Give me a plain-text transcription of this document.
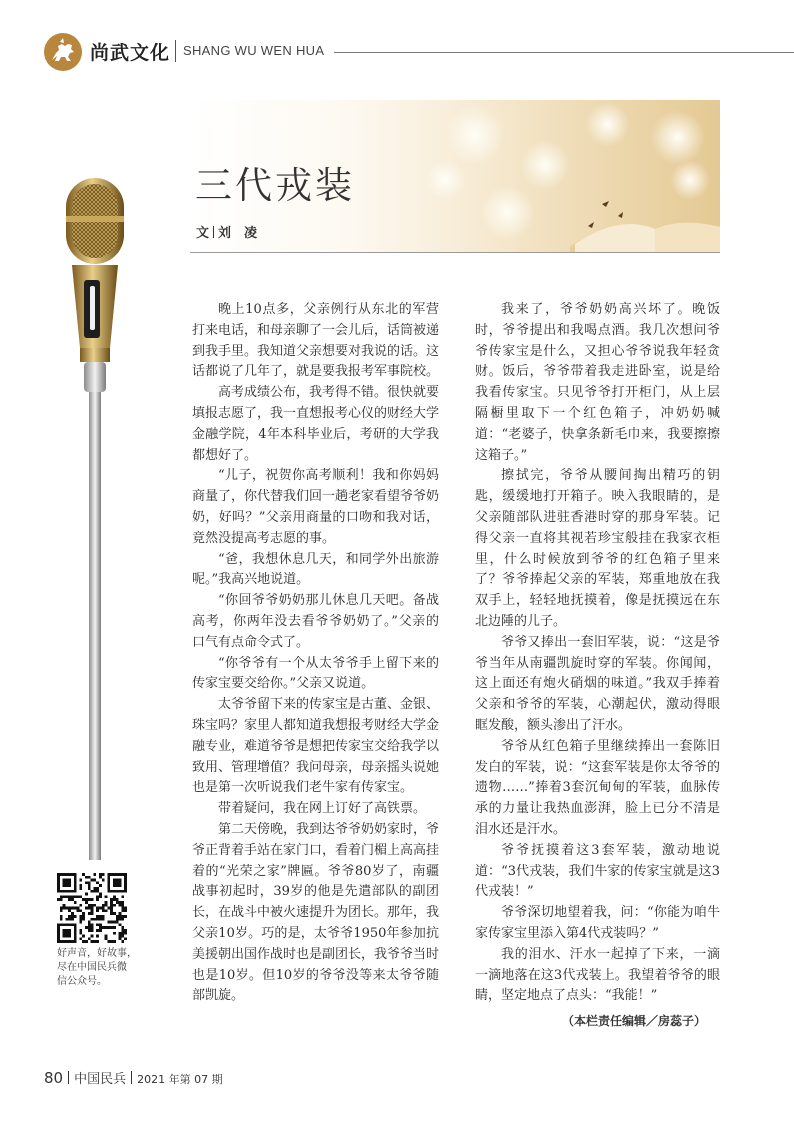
尚武文化 SHANG WU WEN HUA
三代戎装
文 刘　凌

晚上10点多，父亲例行从东北的军营打来电话，和母亲聊了一会儿后，话筒被递到我手里。我知道父亲想要对我说的话。这话都说了几年了，就是要我报考军事院校。

高考成绩公布，我考得不错。很快就要填报志愿了，我一直想报考心仪的财经大学金融学院，4年本科毕业后，考研的大学我都想好了。

“儿子，祝贺你高考顺利！我和你妈妈商量了，你代替我们回一趟老家看望爷爷奶奶，好吗？”父亲用商量的口吻和我对话，竟然没提高考志愿的事。

“爸，我想休息几天，和同学外出旅游呢。”我高兴地说道。

“你回爷爷奶奶那儿休息几天吧。备战高考，你两年没去看爷爷奶奶了。”父亲的口气有点命令式了。

“你爷爷有一个从太爷爷手上留下来的传家宝要交给你。”父亲又说道。

太爷爷留下来的传家宝是古董、金银、珠宝吗？家里人都知道我想报考财经大学金融专业，难道爷爷是想把传家宝交给我学以致用、管理增值？我问母亲，母亲摇头说她也是第一次听说我们老牛家有传家宝。

带着疑问，我在网上订好了高铁票。

第二天傍晚，我到达爷爷奶奶家时，爷爷正背着手站在家门口，看着门楣上高高挂着的“光荣之家”牌匾。爷爷80岁了，南疆战事初起时，39岁的他是先遣部队的副团长，在战斗中被火速提升为团长。那年，我父亲10岁。巧的是，太爷爷1950年参加抗美援朝出国作战时也是副团长，我爷爷当时也是10岁。但10岁的爷爷没等来太爷爷随部凯旋。

我来了，爷爷奶奶高兴坏了。晚饭时，爷爷提出和我喝点酒。我几次想问爷爷传家宝是什么，又担心爷爷说我年轻贪财。饭后，爷爷带着我走进卧室，说是给我看传家宝。只见爷爷打开柜门，从上层隔橱里取下一个红色箱子，冲奶奶喊道：“老婆子，快拿条新毛巾来，我要擦擦这箱子。”

擦拭完，爷爷从腰间掏出精巧的钥匙，缓缓地打开箱子。映入我眼睛的，是父亲随部队进驻香港时穿的那身军装。记得父亲一直将其视若珍宝般挂在我家衣柜里，什么时候放到爷爷的红色箱子里来了？爷爷捧起父亲的军装，郑重地放在我双手上，轻轻地抚摸着，像是抚摸远在东北边陲的儿子。

爷爷又捧出一套旧军装，说：“这是爷爷当年从南疆凯旋时穿的军装。你闻闻，这上面还有炮火硝烟的味道。”我双手捧着父亲和爷爷的军装，心潮起伏，激动得眼眶发酸，额头渗出了汗水。

爷爷从红色箱子里继续捧出一套陈旧发白的军装，说：“这套军装是你太爷爷的遗物……”捧着3套沉甸甸的军装，血脉传承的力量让我热血澎湃，脸上已分不清是泪水还是汗水。

爷爷抚摸着这3套军装，激动地说道：“3代戎装，我们牛家的传家宝就是这3代戎装！”

爷爷深切地望着我，问：“你能为咱牛家传家宝里添入第4代戎装吗？”

我的泪水、汗水一起掉了下来，一滴一滴地落在这3代戎装上。我望着爷爷的眼睛，坚定地点了点头：“我能！”

（本栏责任编辑／房蕊子）
好声音，好故事，
尽在中国民兵微
信公众号。
80 中国民兵 2021 年第 07 期
